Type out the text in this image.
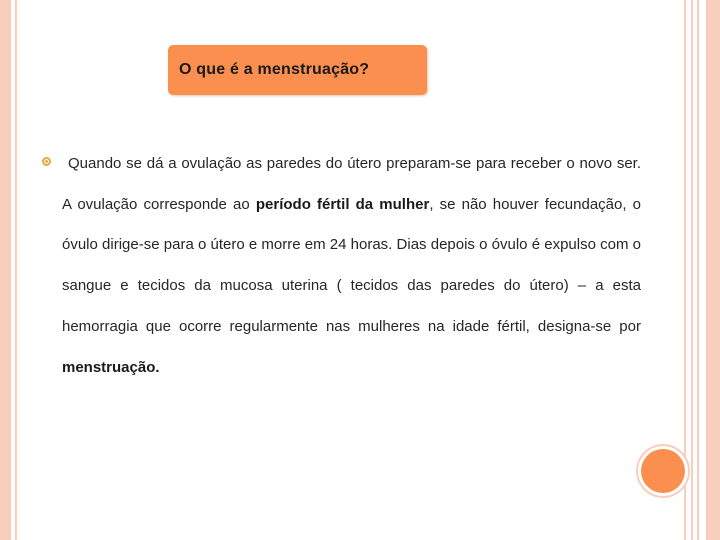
O que é a menstruação?

Quando se dá a ovulação as paredes do útero preparam-se para receber o novo ser. A ovulação corresponde ao período fértil da mulher, se não houver fecundação, o óvulo dirige-se para o útero e morre em 24 horas. Dias depois o óvulo é expulso com o sangue e tecidos da mucosa uterina ( tecidos das paredes do útero) – a esta hemorragia que ocorre regularmente nas mulheres na idade fértil, designa-se por menstruação.
